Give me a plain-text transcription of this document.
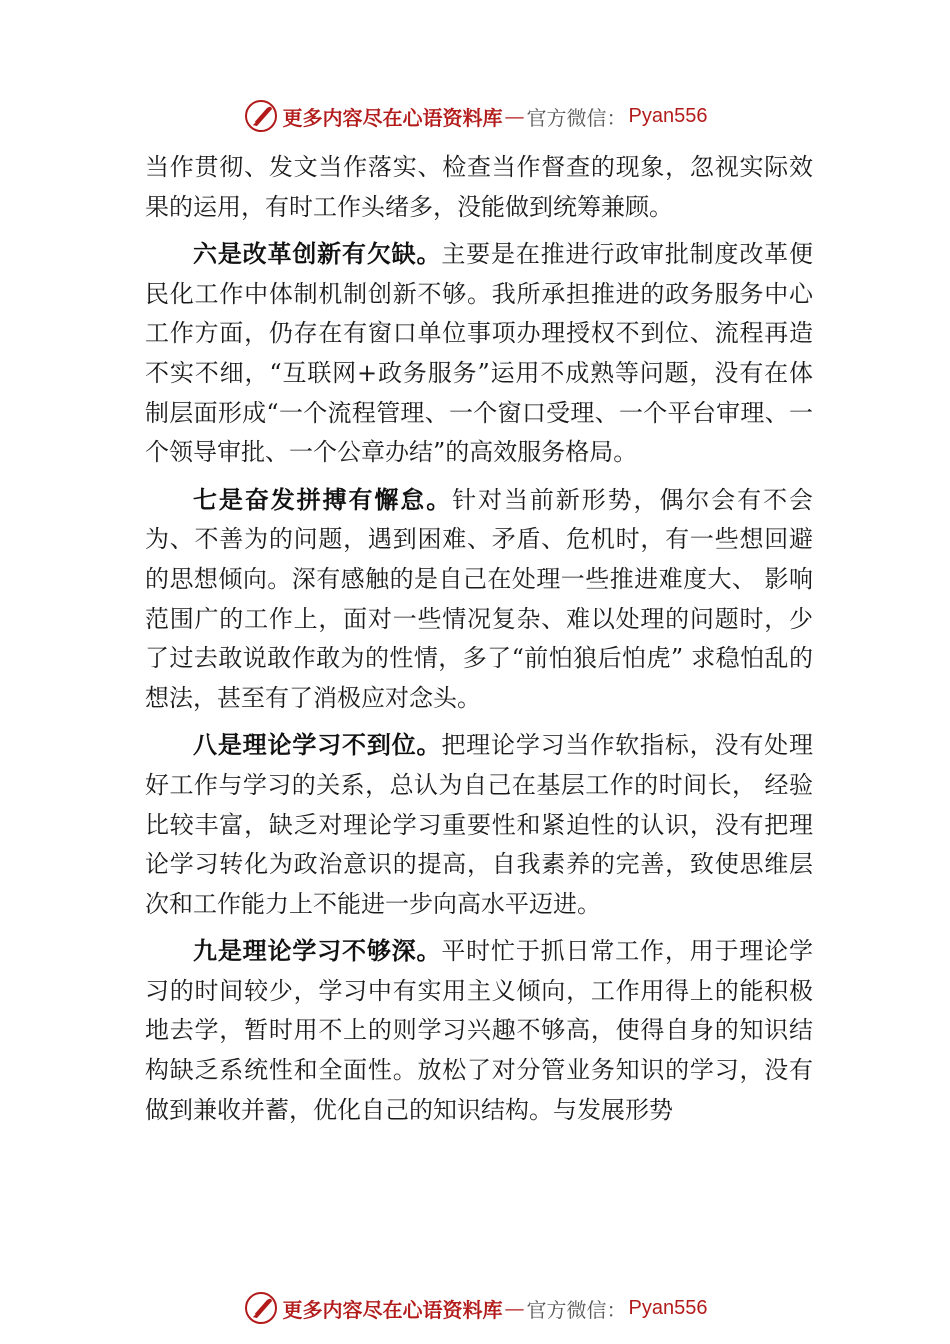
更多内容尽在心语资料库 — 官方微信： Pyan556

当作贯彻、发文当作落实、检查当作督查的现象，忽视实际效果的运用，有时工作头绪多，没能做到统筹兼顾。

六是改革创新有欠缺。主要是在推进行政审批制度改革便民化工作中体制机制创新不够。我所承担推进的政务服务中心工作方面，仍存在有窗口单位事项办理授权不到位、流程再造不实不细，“互联网+政务服务”运用不成熟等问题，没有在体制层面形成“一个流程管理、一个窗口受理、一个平台审理、一个领导审批、一个公章办结”的高效服务格局。

七是奋发拼搏有懈怠。针对当前新形势，偶尔会有不会为、不善为的问题，遇到困难、矛盾、危机时，有一些想回避的思想倾向。深有感触的是自己在处理一些推进难度大、 影响范围广的工作上，面对一些情况复杂、难以处理的问题时，少了过去敢说敢作敢为的性情，多了“前怕狼后怕虎” 求稳怕乱的想法，甚至有了消极应对念头。

八是理论学习不到位。把理论学习当作软指标，没有处理好工作与学习的关系，总认为自己在基层工作的时间长， 经验比较丰富，缺乏对理论学习重要性和紧迫性的认识，没有把理论学习转化为政治意识的提高，自我素养的完善，致使思维层次和工作能力上不能进一步向高水平迈进。

九是理论学习不够深。平时忙于抓日常工作，用于理论学习的时间较少，学习中有实用主义倾向，工作用得上的能积极地去学，暂时用不上的则学习兴趣不够高，使得自身的知识结构缺乏系统性和全面性。放松了对分管业务知识的学习，没有做到兼收并蓄，优化自己的知识结构。与发展形势

更多内容尽在心语资料库 — 官方微信： Pyan556
